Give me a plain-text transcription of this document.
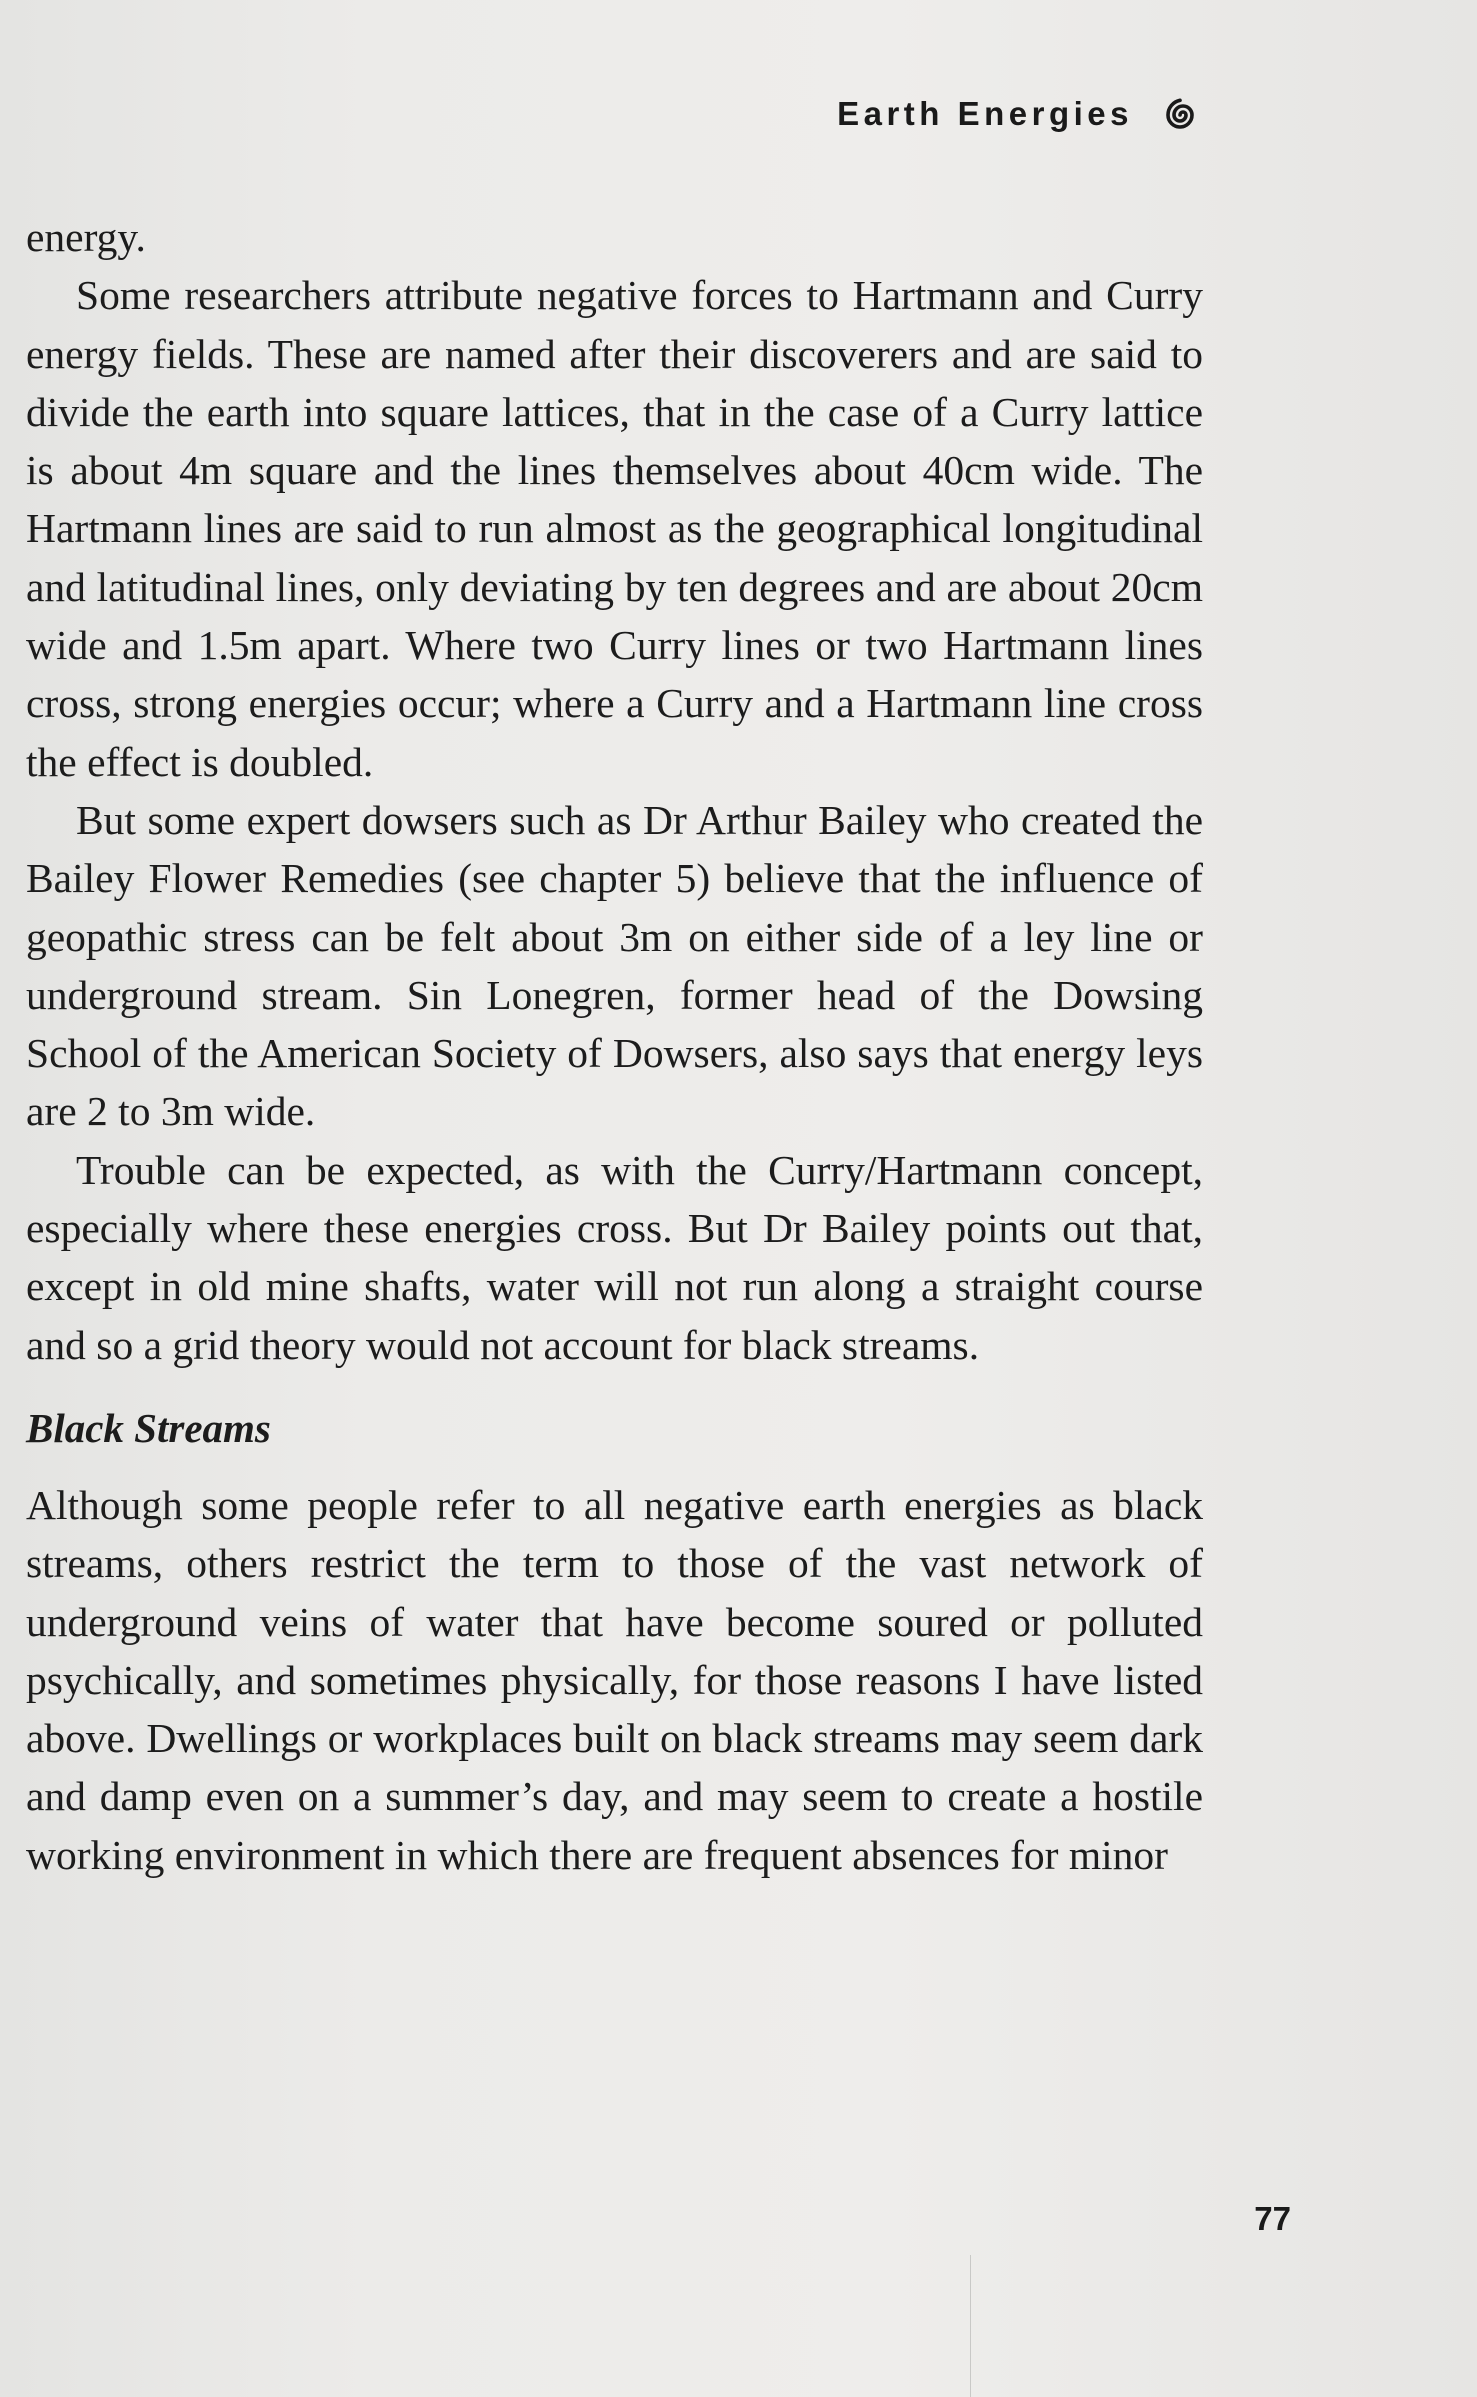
Earth Energies

energy.

Some researchers attribute negative forces to Hartmann and Curry energy fields. These are named after their discoverers and are said to divide the earth into square lattices, that in the case of a Curry lattice is about 4m square and the lines themselves about 40cm wide. The Hartmann lines are said to run almost as the geographical longitudinal and latitudinal lines, only deviating by ten degrees and are about 20cm wide and 1.5m apart. Where two Curry lines or two Hartmann lines cross, strong energies occur; where a Curry and a Hartmann line cross the effect is doubled.

But some expert dowsers such as Dr Arthur Bailey who created the Bailey Flower Remedies (see chapter 5) believe that the influence of geopathic stress can be felt about 3m on either side of a ley line or underground stream. Sin Lonegren, former head of the Dowsing School of the American Society of Dowsers, also says that energy leys are 2 to 3m wide.

Trouble can be expected, as with the Curry/Hartmann concept, especially where these energies cross. But Dr Bailey points out that, except in old mine shafts, water will not run along a straight course and so a grid theory would not account for black streams.

Black Streams

Although some people refer to all negative earth energies as black streams, others restrict the term to those of the vast network of underground veins of water that have become soured or polluted psychically, and sometimes physically, for those reasons I have listed above. Dwellings or workplaces built on black streams may seem dark and damp even on a summer’s day, and may seem to create a hostile working environment in which there are frequent absences for minor

77
